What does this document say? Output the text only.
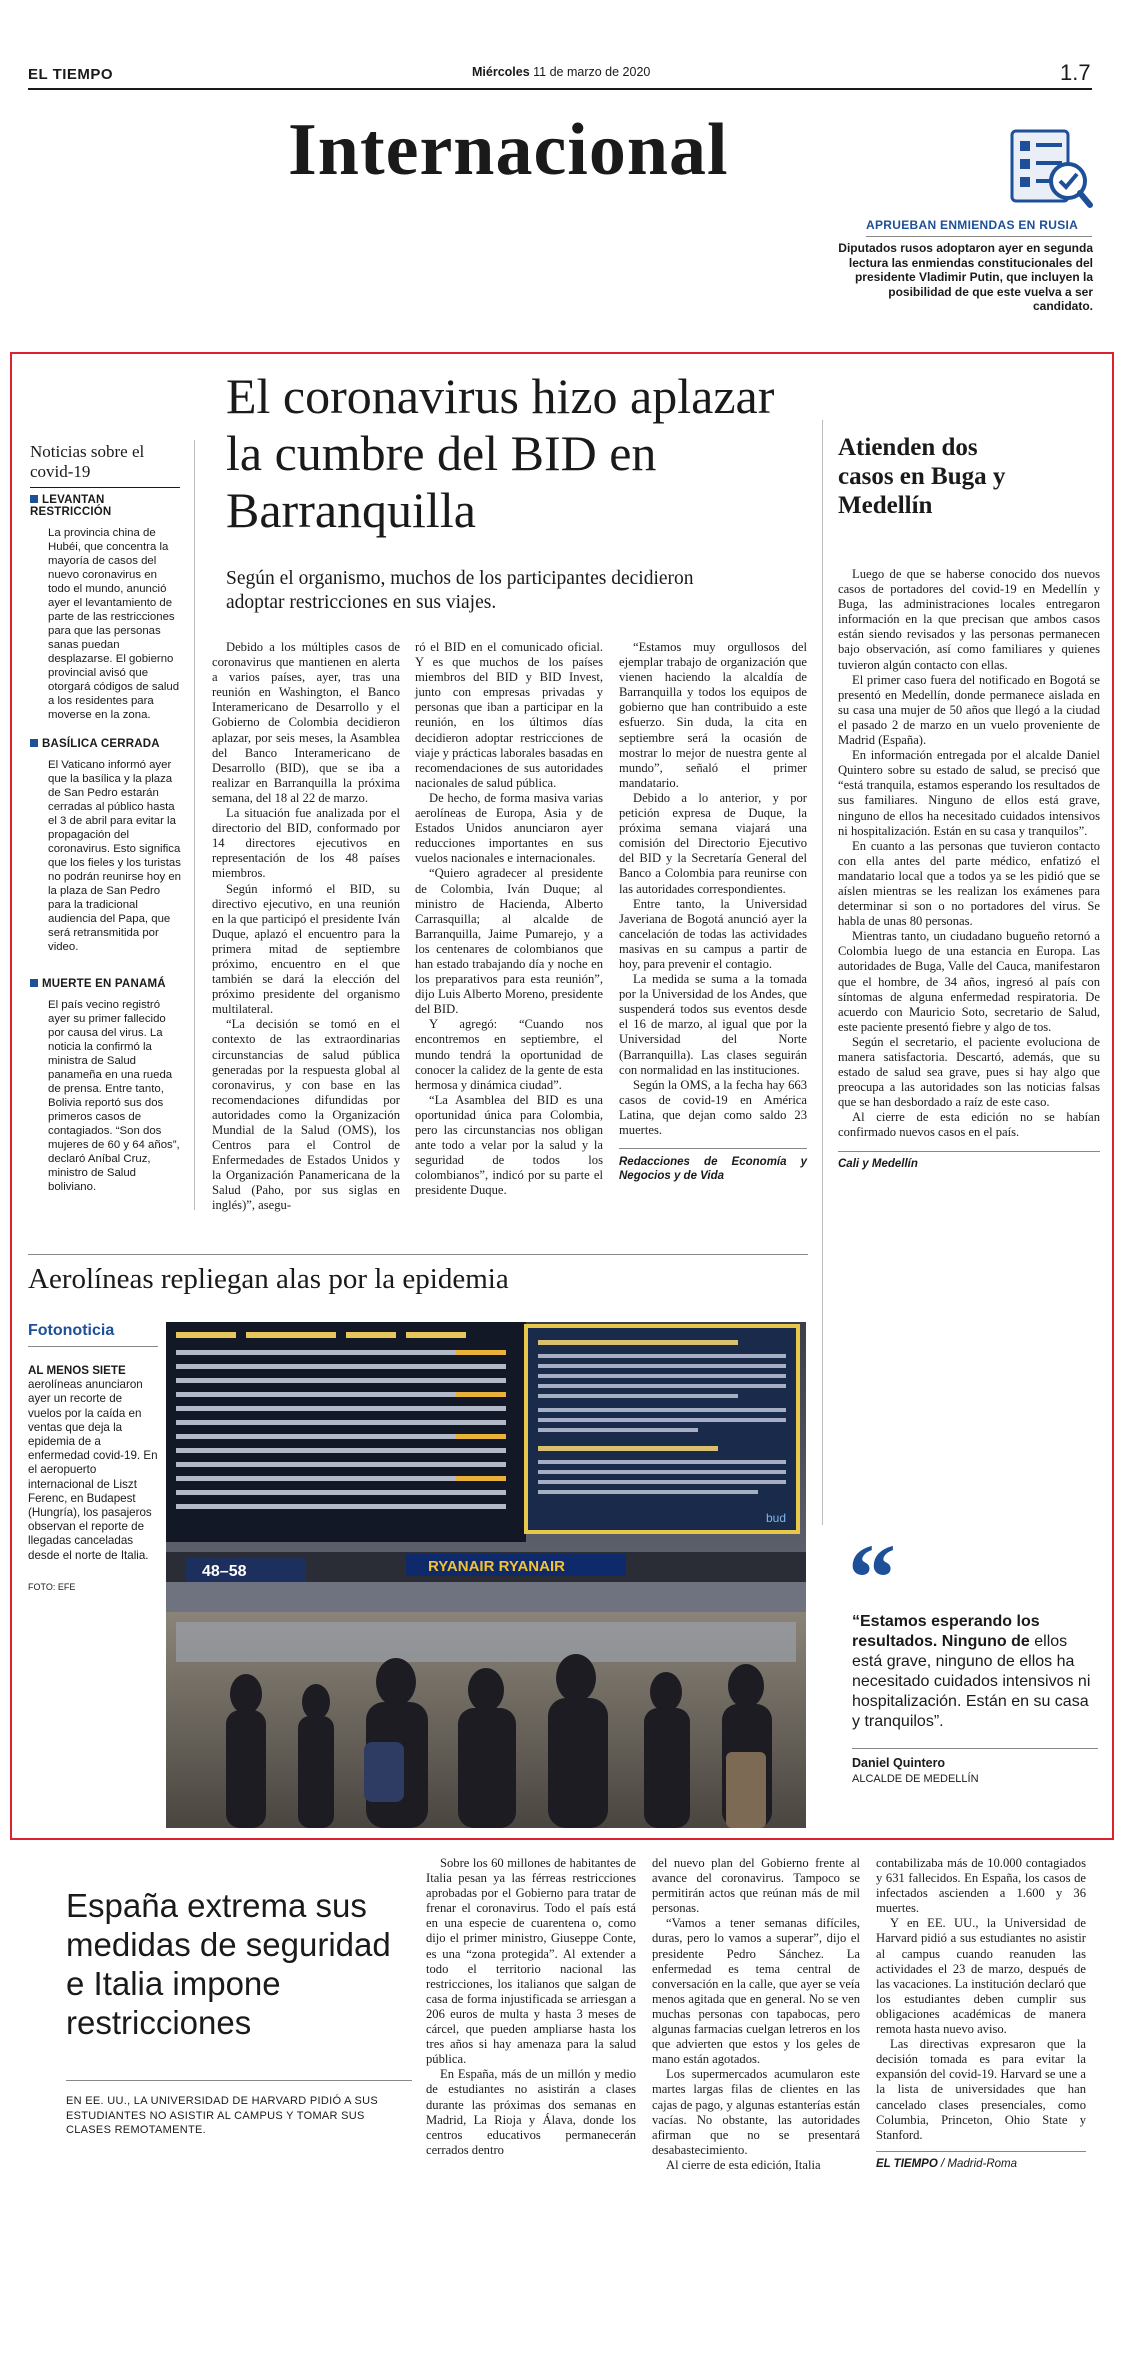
EL TIEMPO	Miércoles 11 de marzo de 2020	1.7
Internacional
APRUEBAN ENMIENDAS EN RUSIA
Diputados rusos adoptaron ayer en segunda lectura las enmiendas constitucionales del presidente Vladimir Putin, que incluyen la posibilidad de que este vuelva a ser candidato.
Noticias sobre el covid-19
LEVANTAN RESTRICCIÓN
La provincia china de Hubéi, que concentra la mayoría de casos del nuevo coronavirus en todo el mundo, anunció ayer el levantamiento de parte de las restricciones para que las personas sanas puedan desplazarse. El gobierno provincial avisó que otorgará códigos de salud a los residentes para moverse en la zona.
BASÍLICA CERRADA
El Vaticano informó ayer que la basílica y la plaza de San Pedro estarán cerradas al público hasta el 3 de abril para evitar la propagación del coronavirus. Esto significa que los fieles y los turistas no podrán reunirse hoy en la plaza de San Pedro para la tradicional audiencia del Papa, que será retransmitida por video.
MUERTE EN PANAMÁ
El país vecino registró ayer su primer fallecido por causa del virus. La noticia la confirmó la ministra de Salud panameña en una rueda de prensa. Entre tanto, Bolivia reportó sus dos primeros casos de contagiados. “Son dos mujeres de 60 y 64 años”, declaró Aníbal Cruz, ministro de Salud boliviano.
El coronavirus hizo aplazar la cumbre del BID en Barranquilla
Según el organismo, muchos de los participantes decidieron adoptar restricciones en sus viajes.

Debido a los múltiples casos de coronavirus que mantienen en alerta a varios países, ayer, tras una reunión en Washington, el Banco Interamericano de Desarrollo y el Gobierno de Colombia decidieron aplazar, por seis meses, la Asamblea del Banco Interamericano de Desarrollo (BID), que se iba a realizar en Barranquilla la próxima semana, del 18 al 22 de marzo.

La situación fue analizada por el directorio del BID, conformado por 14 directores ejecutivos en representación de los 48 países miembros.

Según informó el BID, su directivo ejecutivo, en una reunión en la que participó el presidente Iván Duque, aplazó el encuentro para la primera mitad de septiembre próximo, encuentro en el que también se dará la elección del próximo presidente del organismo multilateral.

“La decisión se tomó en el contexto de las extraordinarias circunstancias de salud pública generadas por la respuesta global al coronavirus, y con base en las recomendaciones difundidas por autoridades como la Organización Mundial de la Salud (OMS), los Centros para el Control de Enfermedades de Estados Unidos y la Organización Panamericana de la Salud (Paho, por sus siglas en inglés)”, asegu-

ró el BID en el comunicado oficial. Y es que muchos de los países miembros del BID y BID Invest, junto con empresas privadas y personas que iban a participar en la reunión, en los últimos días decidieron adoptar restricciones de viaje y prácticas laborales basadas en recomendaciones de sus autoridades nacionales de salud pública.

De hecho, de forma masiva varias aerolíneas de Europa, Asia y de Estados Unidos anunciaron ayer reducciones importantes en sus vuelos nacionales e internacionales.

“Quiero agradecer al presidente de Colombia, Iván Duque; al ministro de Hacienda, Alberto Carrasquilla; al alcalde de Barranquilla, Jaime Pumarejo, y a los centenares de colombianos que han estado trabajando día y noche en los preparativos para esta reunión”, dijo Luis Alberto Moreno, presidente del BID.

Y agregó: “Cuando nos encontremos en septiembre, el mundo tendrá la oportunidad de conocer la calidez de la gente de esta hermosa y dinámica ciudad”.

“La Asamblea del BID es una oportunidad única para Colombia, pero las circunstancias nos obligan ante todo a velar por la salud y la seguridad de todos los colombianos”, indicó por su parte el presidente Duque.

“Estamos muy orgullosos del ejemplar trabajo de organización que vienen haciendo la alcaldía de Barranquilla y todos los equipos de gobierno que han contribuido a este esfuerzo. Sin duda, la cita en septiembre será la ocasión de mostrar lo mejor de nuestra gente al mundo”, señaló el primer mandatario.

Debido a lo anterior, y por petición expresa de Duque, la próxima semana viajará una comisión del Directorio Ejecutivo del BID y la Secretaría General del Banco a Colombia para reunirse con las autoridades correspondientes.

Entre tanto, la Universidad Javeriana de Bogotá anunció ayer la cancelación de todas las actividades masivas en su campus a partir de hoy, para prevenir el contagio.

La medida se suma a la tomada por la Universidad de los Andes, que suspenderá todos sus eventos desde el 16 de marzo, al igual que por la Universidad del Norte (Barranquilla). Las clases seguirán con normalidad en las instituciones.

Según la OMS, a la fecha hay 663 casos de covid-19 en América Latina, que dejan como saldo 23 muertes.

Redacciones de Economía y Negocios y de Vida
Atienden dos casos en Buga y Medellín

Luego de que se haberse conocido dos nuevos casos de portadores del covid-19 en Medellín y Buga, las administraciones locales entregaron información en la que precisan que ambos casos están siendo revisados y las personas permanecen bajo observación, así como familiares y quienes tuvieron algún contacto con ellas.

El primer caso fuera del notificado en Bogotá se presentó en Medellín, donde permanece aislada en su casa una mujer de 50 años que llegó a la ciudad el pasado 2 de marzo en un vuelo proveniente de Madrid (España).

En información entregada por el alcalde Daniel Quintero sobre su estado de salud, se precisó que “está tranquila, estamos esperando los resultados de sus familiares. Ninguno de ellos está grave, ninguno de ellos ha necesitado cuidados intensivos ni hospitalización. Están en su casa y tranquilos”.

En cuanto a las personas que tuvieron contacto con ella antes del parte médico, enfatizó el mandatario local que a todos ya se les pidió que se aíslen mientras se les realizan los exámenes para determinar si son o no portadores del virus. Se habla de unas 80 personas.

Mientras tanto, un ciudadano bugueño retornó a Colombia luego de una estancia en Europa. Las autoridades de Buga, Valle del Cauca, manifestaron que el hombre, de 34 años, ingresó al país con síntomas de alguna enfermedad respiratoria. De acuerdo con Mauricio Soto, secretario de Salud, este paciente presentó fiebre y algo de tos.

Según el secretario, el paciente evoluciona de manera satisfactoria. Descartó, además, que su estado de salud sea grave, pues si hay algo que preocupa a las autoridades son las noticias falsas que se han desbordado a raíz de este caso.

Al cierre de esta edición no se habían confirmado nuevos casos en el país.

Cali y Medellín
“
“Estamos esperando los resultados. Ninguno de ellos está grave, ninguno de ellos ha necesitado cuidados intensivos ni hospitalización. Están en su casa y tranquilos”.
Daniel Quintero
ALCALDE DE MEDELLÍN
Aerolíneas repliegan alas por la epidemia
Fotonoticia
AL MENOS SIETE aerolíneas anunciaron ayer un recorte de vuelos por la caída en ventas que deja la epidemia de a enfermedad covid-19. En el aeropuerto internacional de Liszt Ferenc, en Budapest (Hungría), los pasajeros observan el reporte de llegadas canceladas desde el norte de Italia.
FOTO: EFE
bud
48–58	RYANAIR RYANAIR
España extrema sus medidas de seguridad e Italia impone restricciones
EN EE. UU., LA UNIVERSIDAD DE HARVARD PIDIÓ A SUS ESTUDIANTES NO ASISTIR AL CAMPUS Y TOMAR SUS CLASES REMOTAMENTE.

Sobre los 60 millones de habitantes de Italia pesan ya las férreas restricciones aprobadas por el Gobierno para tratar de frenar el coronavirus. Todo el país está en una especie de cuarentena o, como dijo el primer ministro, Giuseppe Conte, es una “zona protegida”. Al extender a todo el territorio nacional las restricciones, los italianos que salgan de casa de forma injustificada se arriesgan a 206 euros de multa y hasta 3 meses de cárcel, que pueden ampliarse hasta los tres años si hay amenaza para la salud pública.

En España, más de un millón y medio de estudiantes no asistirán a clases durante las próximas dos semanas en Madrid, La Rioja y Álava, donde los centros educativos permanecerán cerrados dentro

del nuevo plan del Gobierno frente al avance del coronavirus. Tampoco se permitirán actos que reúnan más de mil personas.

“Vamos a tener semanas difíciles, duras, pero lo vamos a superar”, dijo el presidente Pedro Sánchez. La enfermedad es tema central de conversación en la calle, que ayer se veía menos agitada que en general. No se ven muchas personas con tapabocas, pero algunas farmacias cuelgan letreros en los que advierten que estos y los geles de mano están agotados.

Los supermercados acumularon este martes largas filas de clientes en las cajas de pago, y algunas estanterías están vacías. No obstante, las autoridades afirman que no se presentará desabastecimiento.

Al cierre de esta edición, Italia

contabilizaba más de 10.000 contagiados y 631 fallecidos. En España, los casos de infectados ascienden a 1.600 y 36 muertes.

Y en EE. UU., la Universidad de Harvard pidió a sus estudiantes no asistir al campus cuando reanuden las actividades el 23 de marzo, después de las vacaciones. La institución declaró que los estudiantes deben cumplir sus obligaciones académicas de manera remota hasta nuevo aviso.

Las directivas expresaron que la decisión tomada es para evitar la expansión del covid-19. Harvard se une a la lista de universidades que han cancelado clases presenciales, como Columbia, Princeton, Ohio State y Stanford.

EL TIEMPO / Madrid-Roma
